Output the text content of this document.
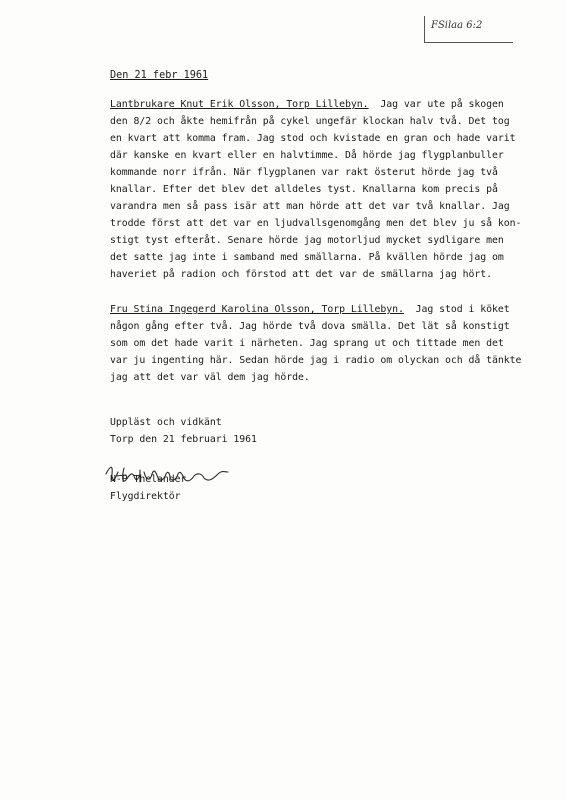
FSilaa 6:2
Den 21 febr 1961
Lantbrukare Knut Erik Olsson, Torp Lillebyn.  Jag var ute på skogen
den 8/2 och åkte hemifrån på cykel ungefär klockan halv två. Det tog
en kvart att komma fram. Jag stod och kvistade en gran och hade varit
där kanske en kvart eller en halvtimme. Då hörde jag flygplanbuller
kommande norr ifrån. När flygplanen var rakt österut hörde jag två
knallar. Efter det blev det alldeles tyst. Knallarna kom precis på
varandra men så pass isär att man hörde att det var två knallar. Jag
trodde först att det var en ljudvallsgenomgång men det blev ju så kon-
stigt tyst efteråt. Senare hörde jag motorljud mycket sydligare men
det satte jag inte i samband med smällarna. På kvällen hörde jag om
haveriet på radion och förstod att det var de smällarna jag hört.
Fru Stina Ingegerd Karolina Olsson, Torp Lillebyn.  Jag stod i köket
någon gång efter två. Jag hörde två dova smälla. Det lät så konstigt
som om det hade varit i närheten. Jag sprang ut och tittade men det
var ju ingenting här. Sedan hörde jag i radio om olyckan och då tänkte
jag att det var väl dem jag hörde.
Uppläst och vidkänt
Torp den 21 februari 1961
N-P Thelander
Flygdirektör
